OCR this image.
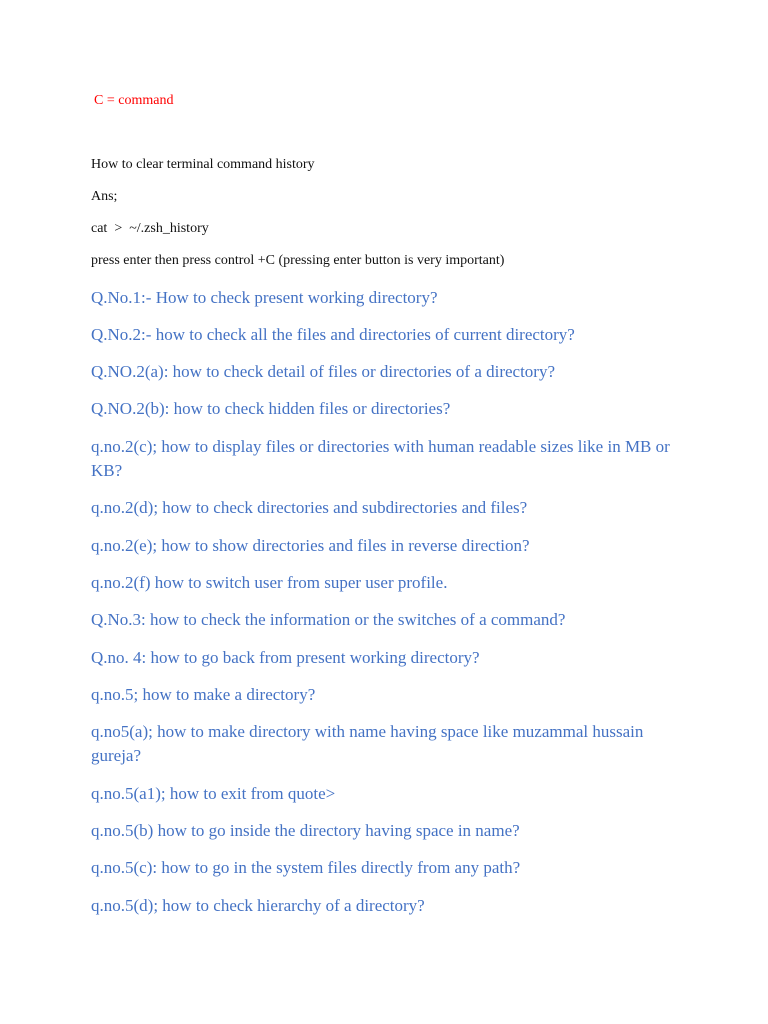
C = command
How to clear terminal command history
Ans;
cat  >  ~/.zsh_history
press enter then press control +C (pressing enter button is very important)
Q.No.1:- How to check present working directory?
Q.No.2:- how to check all the files and directories of current directory?
Q.NO.2(a): how to check detail of files or directories of a directory?
Q.NO.2(b): how to check hidden files or directories?
q.no.2(c); how to display files or directories with human readable sizes like in MB or KB?
q.no.2(d); how to check directories and subdirectories and files?
q.no.2(e); how to show directories and files in reverse direction?
q.no.2(f) how to switch user from super user profile.
Q.No.3: how to check the information or the switches of a command?
Q.no. 4: how to go back from present working directory?
q.no.5; how to make a directory?
q.no5(a); how to make directory with name having space like muzammal hussain gureja?
q.no.5(a1); how to exit from quote>
q.no.5(b) how to go inside the directory having space in name?
q.no.5(c): how to go in the system files directly from any path?
q.no.5(d); how to check hierarchy of a directory?
